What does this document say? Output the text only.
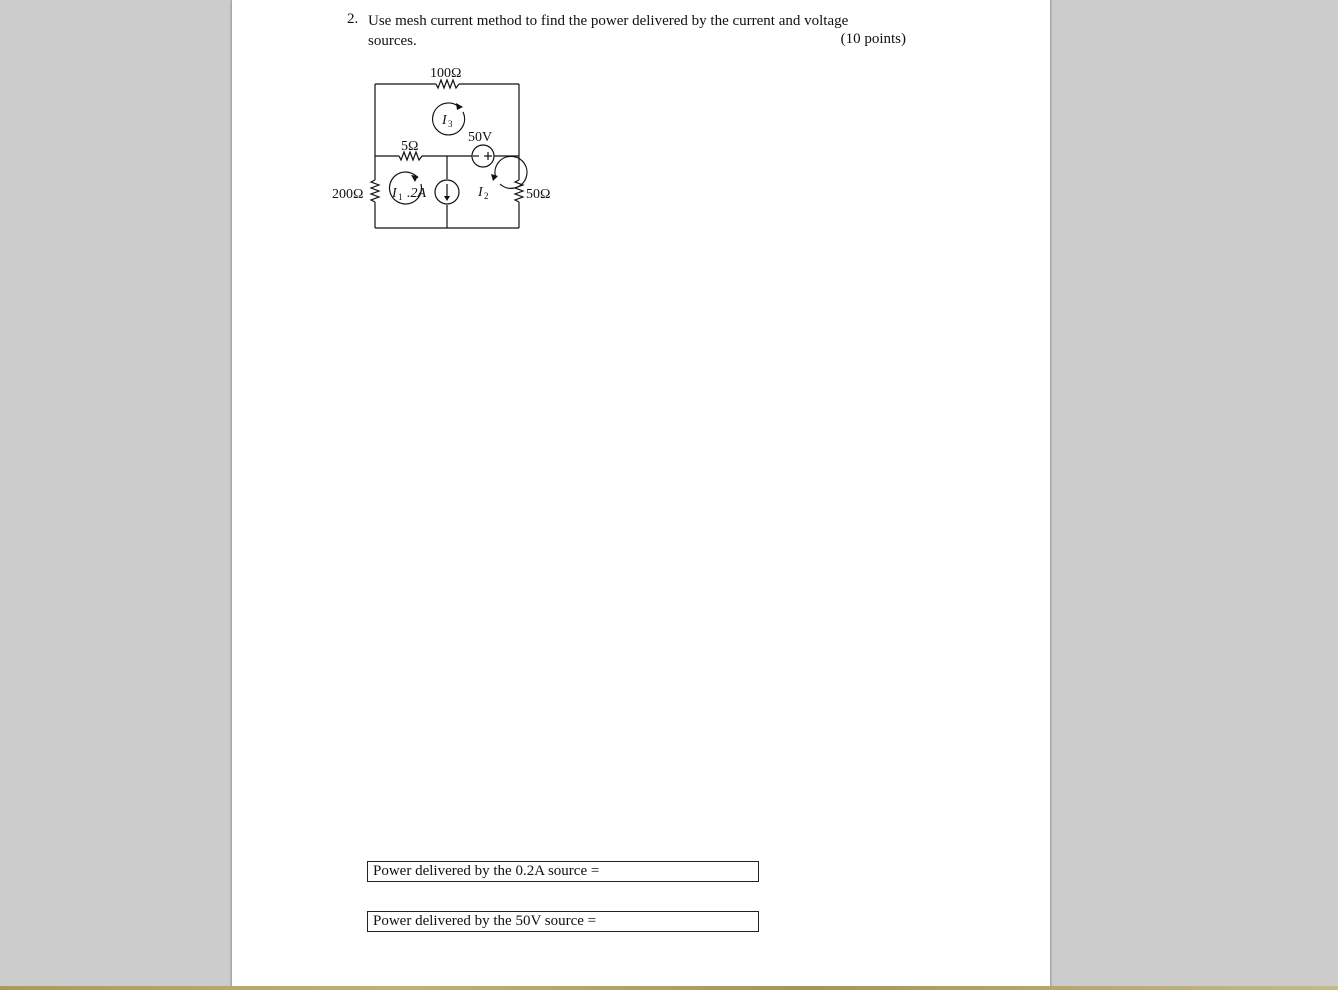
2. Use mesh current method to find the power delivered by the current and voltage
sources.	(10 points)
100Ω
5Ω
200Ω	50Ω
50V
.2A
I 3
I 1	I 2
Power delivered by the 0.2A source =
Power delivered by the 50V source =
